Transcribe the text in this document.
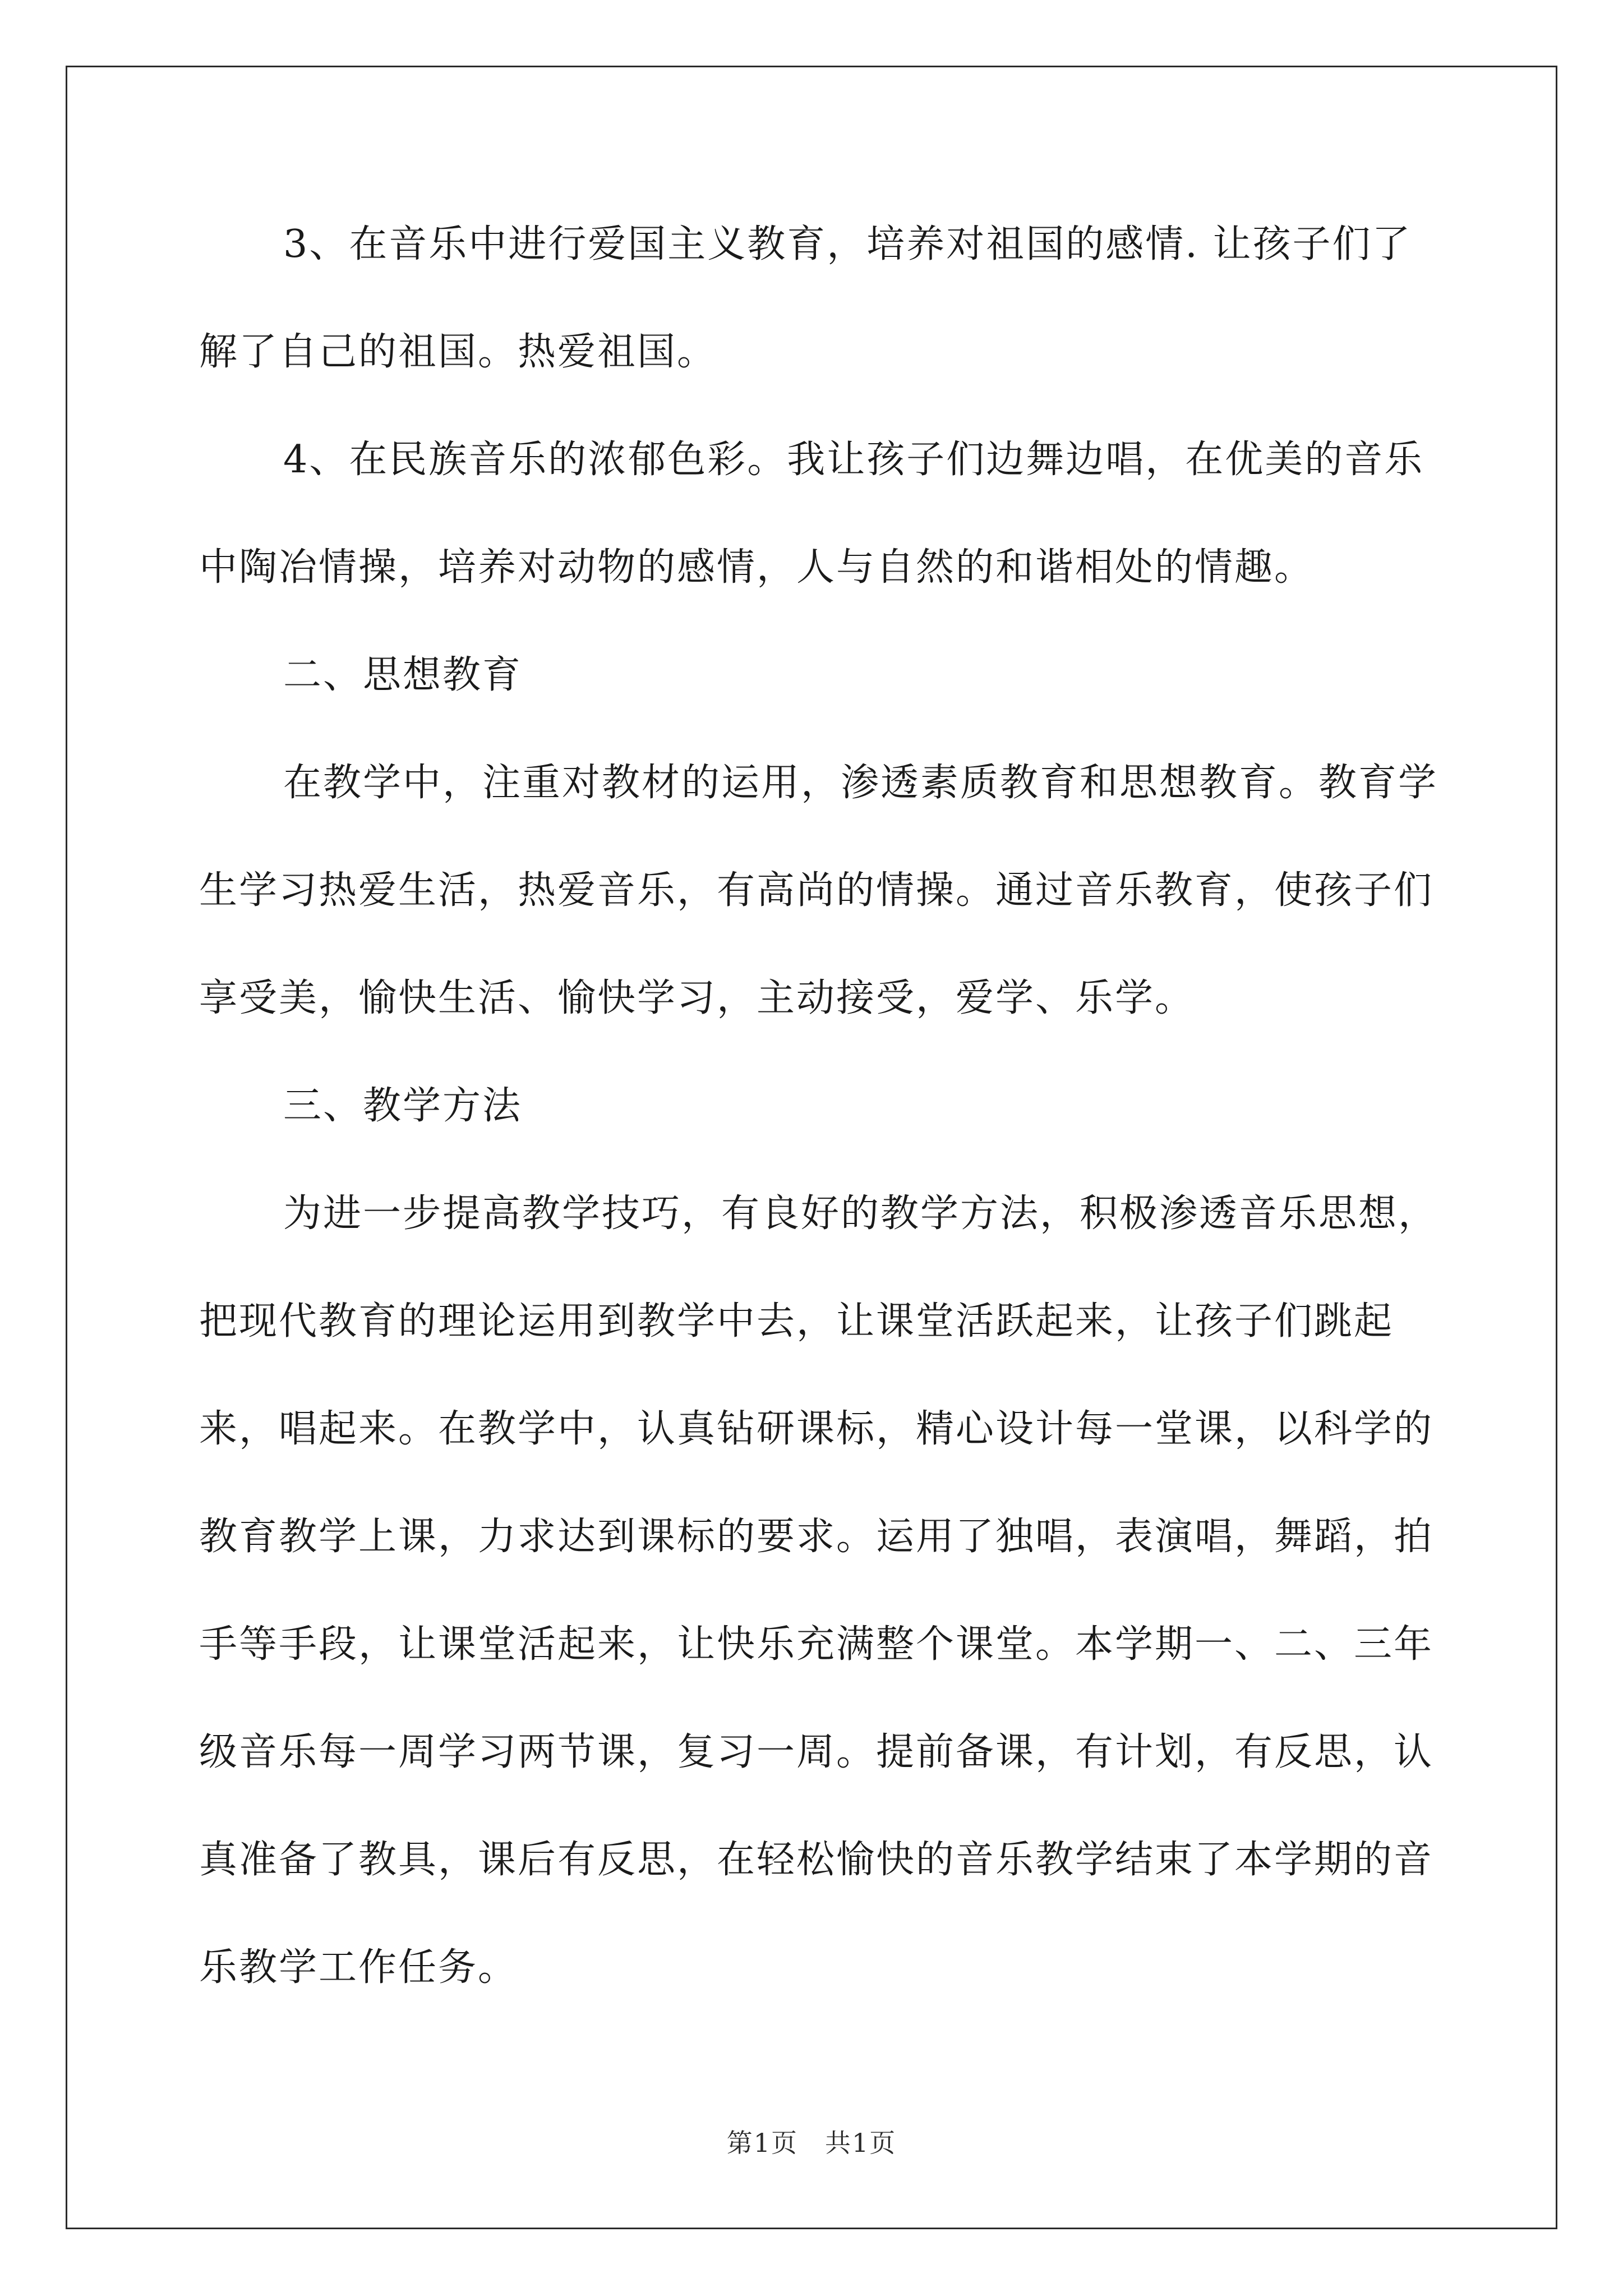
3、在音乐中进行爱国主义教育，培养对祖国的感情. 让孩子们了解了自己的祖国。热爱祖国。

4、在民族音乐的浓郁色彩。我让孩子们边舞边唱，在优美的音乐中陶冶情操，培养对动物的感情，人与自然的和谐相处的情趣。

二、思想教育

在教学中，注重对教材的运用，渗透素质教育和思想教育。教育学生学习热爱生活，热爱音乐，有高尚的情操。通过音乐教育，使孩子们享受美，愉快生活、愉快学习，主动接受，爱学、乐学。

三、教学方法

为进一步提高教学技巧，有良好的教学方法，积极渗透音乐思想，把现代教育的理论运用到教学中去，让课堂活跃起来，让孩子们跳起来，唱起来。在教学中，认真钻研课标，精心设计每一堂课，以科学的教育教学上课，力求达到课标的要求。运用了独唱，表演唱，舞蹈，拍手等手段，让课堂活起来，让快乐充满整个课堂。本学期一、二、三年级音乐每一周学习两节课，复习一周。提前备课，有计划，有反思，认真准备了教具，课后有反思，在轻松愉快的音乐教学结束了本学期的音乐教学工作任务。

第1页 共1页
